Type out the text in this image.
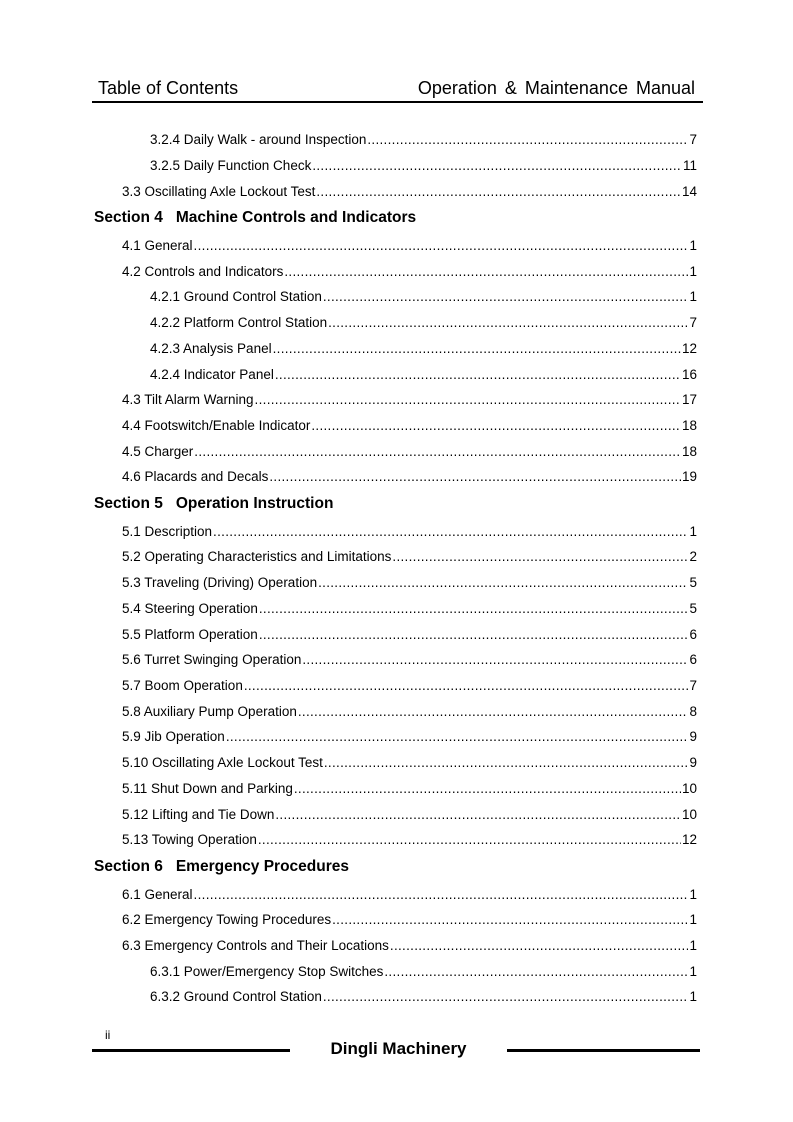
Table of Contents	Operation & Maintenance Manual
3.2.4 Daily Walk - around Inspection .....	7
3.2.5 Daily Function Check .....	11
3.3 Oscillating Axle Lockout Test .....	14
Section 4   Machine Controls and Indicators
4.1 General .....	1
4.2 Controls and Indicators .....	1
4.2.1 Ground Control Station .....	1
4.2.2 Platform Control Station .....	7
4.2.3 Analysis Panel .....	12
4.2.4 Indicator Panel .....	16
4.3 Tilt Alarm Warning .....	17
4.4 Footswitch/Enable Indicator .....	18
4.5 Charger .....	18
4.6 Placards and Decals .....	19
Section 5   Operation Instruction
5.1 Description .....	1
5.2 Operating Characteristics and Limitations .....	2
5.3 Traveling (Driving) Operation .....	5
5.4 Steering Operation .....	5
5.5 Platform Operation .....	6
5.6 Turret Swinging Operation .....	6
5.7 Boom Operation .....	7
5.8 Auxiliary Pump Operation .....	8
5.9 Jib Operation .....	9
5.10 Oscillating Axle Lockout Test .....	9
5.11 Shut Down and Parking .....	10
5.12 Lifting and Tie Down .....	10
5.13 Towing Operation .....	12
Section 6   Emergency Procedures
6.1 General .....	1
6.2 Emergency Towing Procedures .....	1
6.3 Emergency Controls and Their Locations .....	1
6.3.1 Power/Emergency Stop Switches .....	1
6.3.2 Ground Control Station .....	1
ii
Dingli Machinery
